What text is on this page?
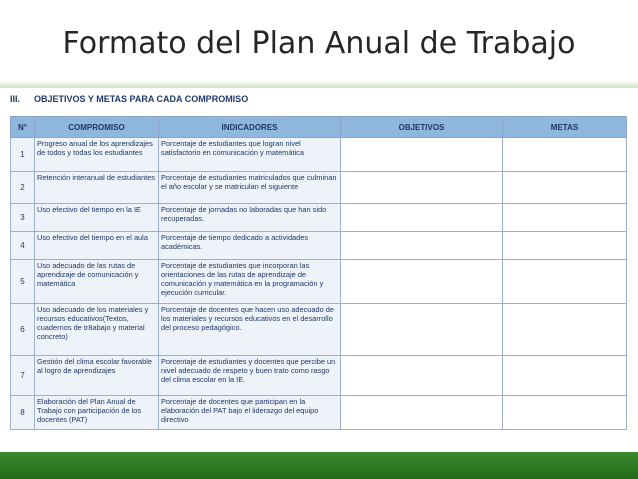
Formato del Plan Anual de Trabajo
III. OBJETIVOS Y METAS PARA CADA COMPROMISO
N°	COMPROMISO	INDICADORES	OBJETIVOS	METAS
1	Progreso anual de los aprendizajes de todos y todas los estudiantes	Porcentaje de estudiantes que logran nivel satisfactorio en comunicación y matemática		
2	Retención interanual de estudiantes	Porcentaje de estudiantes matriculados que culminan el año escolar y se matriculan el siguiente		
3	Uso efectivo del tiempo en la IE	Porcentaje de jornadas no laboradas que han sido recuperadas.		
4	Uso efectivo del tiempo en el aula	Porcentaje de tiempo dedicado a actividades académicas.		
5	Uso adecuado de las rutas de aprendizaje de comunicación y matemática	Porcentaje de estudiantes que incorporan las orientaciones de las rutas de aprendizaje de comunicación y matemática en la programación y ejecución curricular.		
6	Uso adecuado de los materiales y recursos educativos(Textos, cuadernos de tr8abajo y material concreto)	Porcentaje de docentes que hacen uso adecuado de los materiales y recursos educativos en el desarrollo del proceso pedagógico.		
7	Gestión del clima escolar favorable al logro de aprendizajes	Porcentaje de estudiantes y docentes que percibe un nivel adecuado de respeto y buen trato como rasgo del clima escolar en la IE.		
8	Elaboración del Plan Anual de Trabajo con participación de los docentes (PAT)	Porcentaje de docentes que participan en la elaboración del PAT bajo el liderazgo del equipo directivo		
